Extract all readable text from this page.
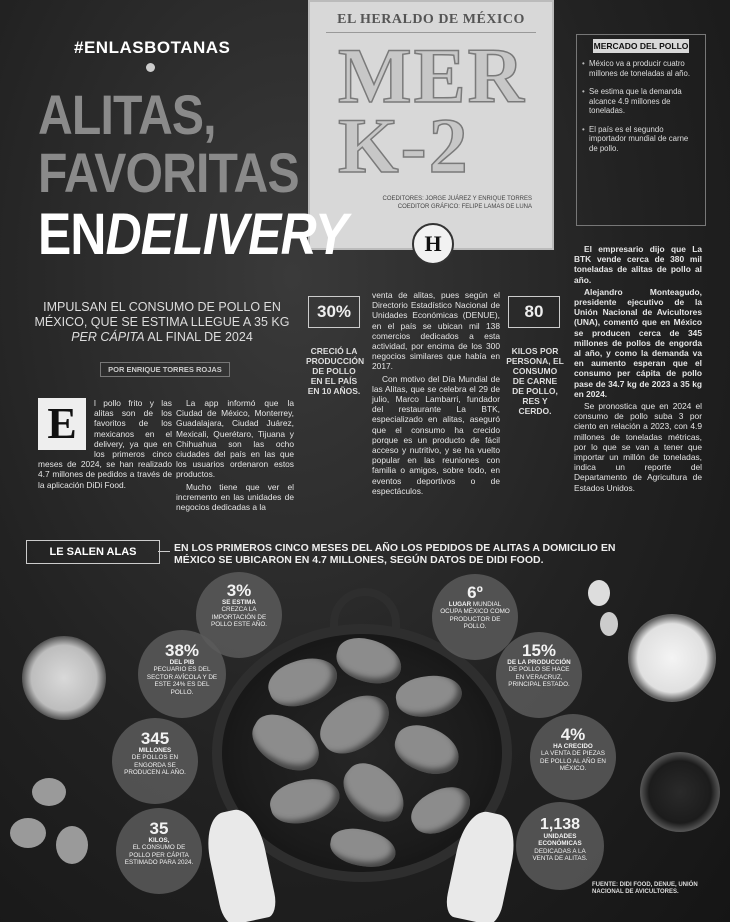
EL HERALDO DE MÉXICO
MER
K-2
COEDITORES: JORGE JUÁREZ Y ENRIQUE TORRES
COEDITOR GRÁFICO: FELIPE LAMAS DE LUNA
H
#ENLASBOTANAS
ALITAS,
FAVORITAS
ENDELIVERY
IMPULSAN EL CONSUMO DE POLLO EN MÉXICO, QUE SE ESTIMA LLEGUE A 35 KG PER CÁPITA AL FINAL DE 2024
POR ENRIQUE TORRES ROJAS
E	l pollo frito y las alitas son de los favoritos de los mexicanos en el delivery, ya que en los primeros cinco meses de 2024, se han realizado 4.7 millones de pedidos a través de la aplicación DiDi Food.
La app informó que la Ciudad de México, Monterrey, Guadalajara, Ciudad Juárez, Mexicali, Querétaro, Tijuana y Chihuahua son las ocho ciudades del país en las que los usuarios ordenaron estos productos.
Mucho tiene que ver el incremento en las unidades de negocios dedicadas a la
30%
CRECIÓ LA PRODUCCIÓN DE POLLO EN EL PAÍS EN 10 AÑOS.
venta de alitas, pues según el Directorio Estadístico Nacional de Unidades Económicas (DENUE), en el país se ubican mil 138 comercios dedicados a esta actividad, por encima de los 300 negocios similares que había en 2017.
Con motivo del Día Mundial de las Alitas, que se celebra el 29 de julio, Marco Lambarri, fundador del restaurante La BTK, especializado en alitas, aseguró que el consumo ha crecido porque es un producto de fácil acceso y nutritivo, y se ha vuelto popular en las reuniones con familia o amigos, sobre todo, en eventos deportivos o de espectáculos.
80
KILOS POR PERSONA, EL CONSUMO DE CARNE DE POLLO, RES Y CERDO.
El empresario dijo que La BTK vende cerca de 380 mil toneladas de alitas de pollo al año.
Alejandro Monteagudo, presidente ejecutivo de la Unión Nacional de Avicultores (UNA), comentó que en México se producen cerca de 345 millones de pollos de engorda al año, y como la demanda va en aumento esperan que el consumo per cápita de pollo pase de 34.7 kg de 2023 a 35 kg en 2024.
Se pronostica que en 2024 el consumo de pollo suba 3 por ciento en relación a 2023, con 4.9 millones de toneladas métricas, por lo que se van a tener que importar un millón de toneladas, indica un reporte del Departamento de Agricultura de Estados Unidos.
MERCADO DEL POLLO
• México va a producir cuatro millones de toneladas al año.
• Se estima que la demanda alcance 4.9 millones de toneladas.
• El país es el segundo importador mundial de carne de pollo.
LE SALEN ALAS	EN LOS PRIMEROS CINCO MESES DEL AÑO LOS PEDIDOS DE ALITAS A DOMICILIO EN MÉXICO SE UBICARON EN 4.7 MILLONES, SEGÚN DATOS DE DIDI FOOD.
3%
SE ESTIMA
CREZCA LA IMPORTACIÓN DE POLLO ESTE AÑO.
38%
DEL PIB
PECUARIO ES DEL SECTOR AVÍCOLA Y DE ESTE 24% ES DEL POLLO.
345
MILLONES
DE POLLOS EN ENGORDA SE PRODUCEN AL AÑO.
35
KILOS,
EL CONSUMO DE POLLO PER CÁPITA ESTIMADO PARA 2024.
6º
LUGAR MUNDIAL OCUPA MÉXICO COMO PRODUCTOR DE POLLO.
15%
DE LA PRODUCCIÓN
DE POLLO SE HACE EN VERACRUZ, PRINCIPAL ESTADO.
4%
HA CRECIDO
LA VENTA DE PIEZAS DE POLLO AL AÑO EN MÉXICO.
1,138
UNIDADES ECONÓMICAS
DEDICADAS A LA VENTA DE ALITAS.
FUENTE: DIDI FOOD, DENUE, UNIÓN NACIONAL DE AVICULTORES.
